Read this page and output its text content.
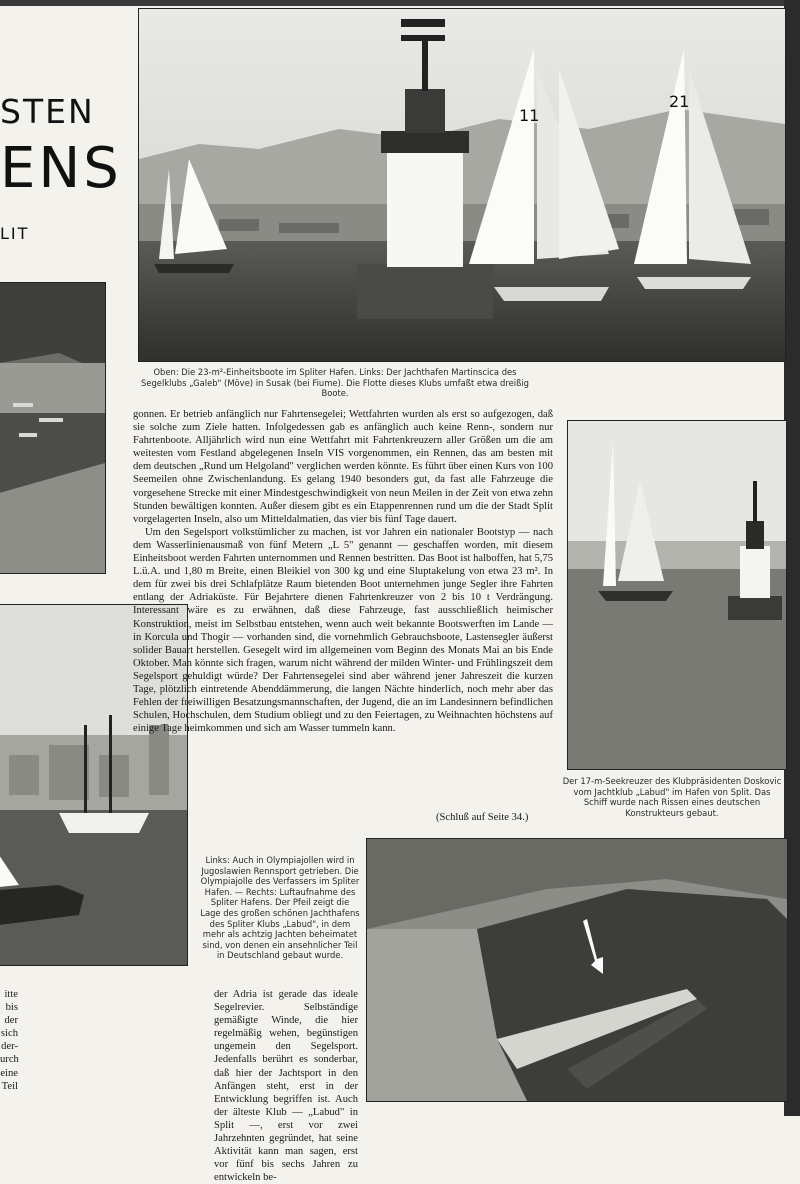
STEN
ENS
LIT
11
21

Oben: Die 23-m²-Einheitsboote im Spliter Hafen. Links: Der Jachthafen Martinscica des Segelklubs „Galeb" (Möve) in Susak (bei Fiume). Die Flotte dieses Klubs umfaßt etwa dreißig Boote.

Der 17-m-Seekreuzer des Klubpräsidenten Doskovic vom Jachtklub „Labud" im Hafen von Split. Das Schiff wurde nach Rissen eines deutschen Konstrukteurs gebaut.

Links: Auch in Olympiajollen wird in Jugoslawien Rennsport getrieben. Die Olympiajolle des Verfassers im Spliter Hafen. — Rechts: Luftaufnahme des Spliter Hafens. Der Pfeil zeigt die Lage des großen schönen Jachthafens des Spliter Klubs „Labud", in dem mehr als achtzig Jachten beheimatet sind, von denen ein ansehnlicher Teil in Deutschland gebaut wurde.

gonnen. Er betrieb anfänglich nur Fahrtensegelei; Wettfahrten wurden als erst so aufgezogen, daß sie solche zum Ziele hatten. Infolgedessen gab es anfänglich auch keine Renn-, sondern nur Fahrtenboote. Alljährlich wird nun eine Wettfahrt mit Fahrtenkreuzern aller Größen um die am weitesten vom Festland abgelegenen Inseln VIS vorgenommen, ein Rennen, das am besten mit dem deutschen „Rund um Helgoland" verglichen werden könnte. Es führt über einen Kurs von 100 Seemeilen ohne Zwischenlandung. Es gelang 1940 besonders gut, da fast alle Fahrzeuge die vorgesehene Strecke mit einer Mindestgeschwindigkeit von neun Meilen in der Zeit von etwa zehn Stunden bewältigen konnten. Außer diesem gibt es ein Etappenrennen rund um die der Stadt Split vorgelagerten Inseln, also um Mitteldalmatien, das vier bis fünf Tage dauert.

Um den Segelsport volkstümlicher zu machen, ist vor Jahren ein nationaler Bootstyp — nach dem Wasserlinienausmaß von fünf Metern „L 5" genannt — geschaffen worden, mit diesem Einheitsboot werden Fahrten unternommen und Rennen bestritten. Das Boot ist halboffen, hat 5,75 L.ü.A. und 1,80 m Breite, einen Bleikiel von 300 kg und eine Sluptakelung von etwa 23 m². In dem für zwei bis drei Schlafplätze Raum bietenden Boot unternehmen junge Segler ihre Fahrten entlang der Adriaküste. Für Bejahrtere dienen Fahrtenkreuzer von 2 bis 10 t Verdrängung. Interessant wäre es zu erwähnen, daß diese Fahrzeuge, fast ausschließlich heimischer Konstruktion, meist im Selbstbau entstehen, wenn auch weit bekannte Bootswerften im Lande — in Korcula und Thogir — vorhanden sind, die vornehmlich Gebrauchsboote, Lastensegler äußerst solider Bauart herstellen. Gesegelt wird im allgemeinen vom Beginn des Monats Mai an bis Ende Oktober. Man könnte sich fragen, warum nicht während der milden Winter- und Frühlingszeit dem Segelsport gehuldigt würde? Der Fahrtensegelei sind aber während jener Jahreszeit die kurzen Tage, plötzlich eintretende Abenddämmerung, die langen Nächte hinderlich, noch mehr aber das Fehlen der freiwilligen Besatzungsmannschaften, der Jugend, die an im Landesinnern befindlichen Schulen, Hochschulen, dem Studium obliegt und zu den Feiertagen, zu Weihnachten höchstens auf einige Tage heimkommen und sich am Wasser tummeln kann.

(Schluß auf Seite 34.)

der Adria ist gerade das ideale Segelrevier. Selbständige gemäßigte Winde, die hier regelmäßig wehen, begünstigen ungemein den Segelsport. Jedenfalls berührt es sonderbar, daß hier der Jachtsport in den Anfängen steht, erst in der Entwicklung begriffen ist. Auch der älteste Klub — „Labud" in Split —, erst vor zwei Jahrzehnten gegründet, hat seine Aktivität kann man sagen, erst vor fünf bis sechs Jahren zu entwickeln be-

itte
bis
der
sich
der-
urch
eine
Teil
